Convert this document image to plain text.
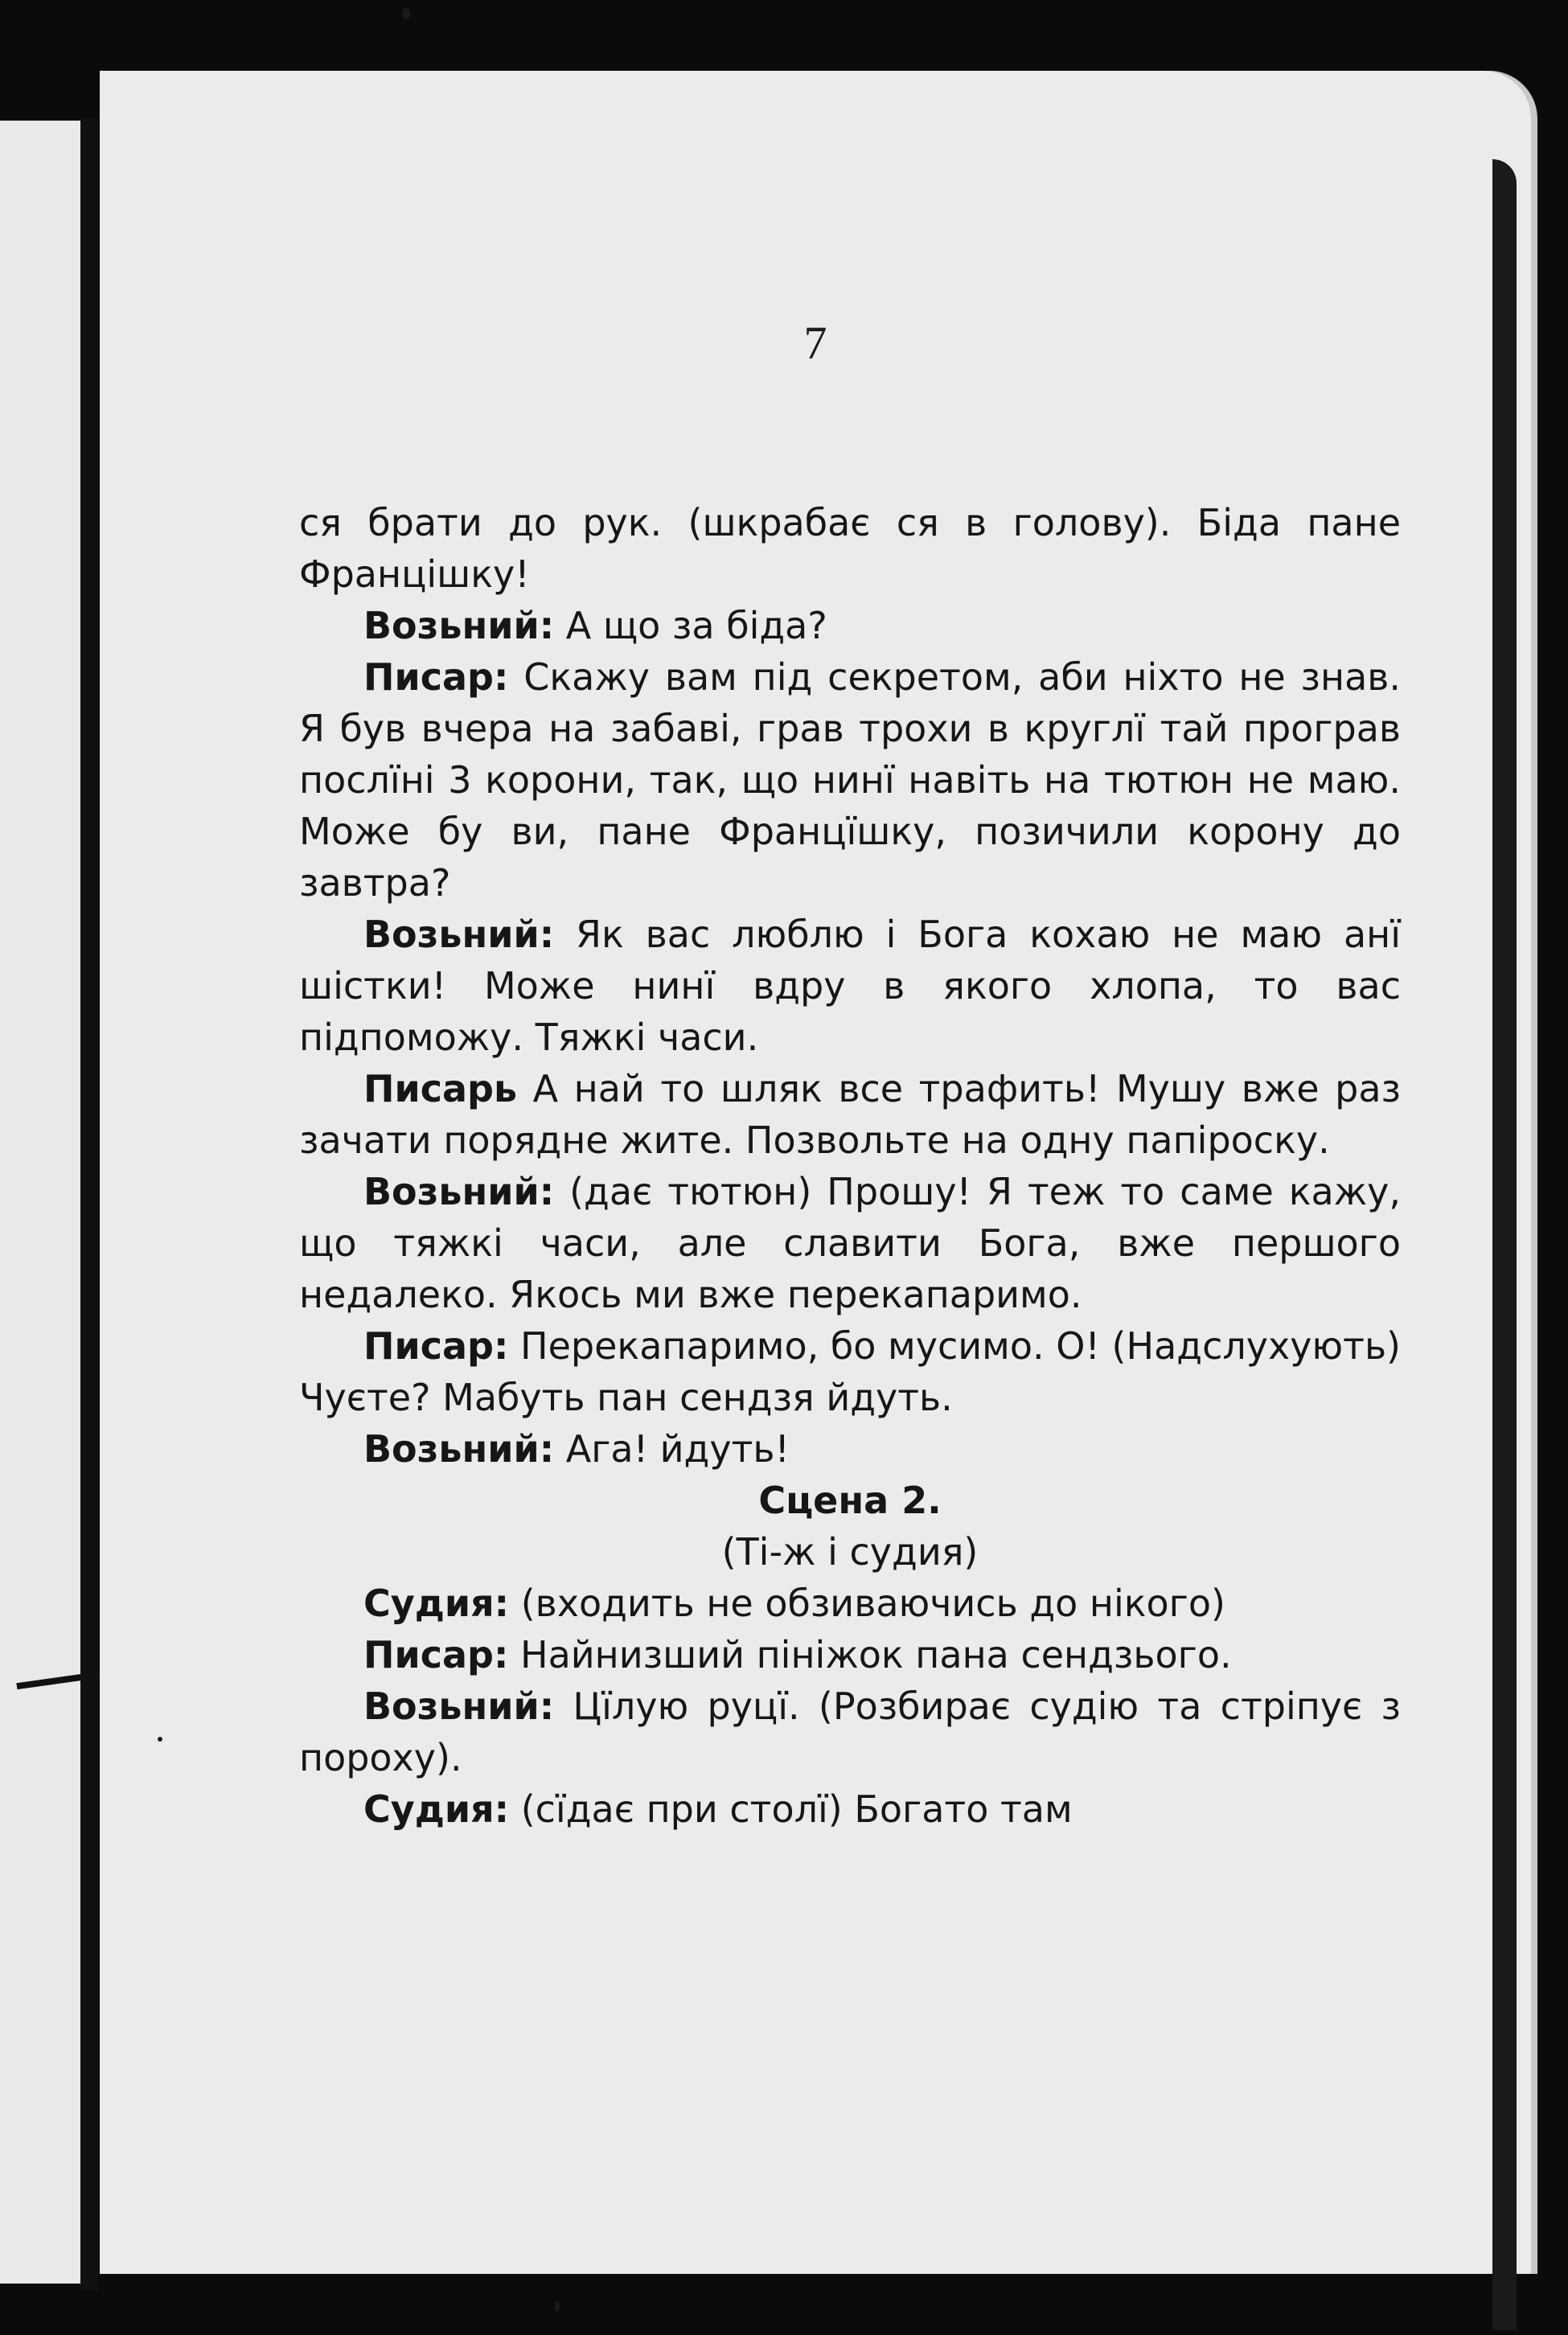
7

ся брати до рук. (шкрабає ся в голову). Біда пане Францішку!

Возьний: А що за біда?

Писар: Скажу вам під секретом, аби ніхто не знав. Я був вчера на забаві, грав трохи в круглї тай програв послїні 3 корони, так, що нинї навіть на тютюн не маю. Може бу ви, пане Францїшку, позичили корону до завтра?

Возьний: Як вас люблю і Бога кохаю не маю анї шістки! Може нинї вдру в якого хлопа, то вас підпоможу. Тяжкі часи.

Писарь А най то шляк все трафить! Мушу вже раз зачати порядне жите. Позвольте на одну папіроску.

Возьний: (дає тютюн) Прошу! Я теж то саме кажу, що тяжкі часи, але славити Бога, вже першого недалеко. Якось ми вже перекапаримо.

Писар: Перекапаримо, бо мусимо. О! (Надслухують) Чуєте? Мабуть пан сендзя йдуть.

Возьний: Ага! йдуть!

Сцена 2.

(Ті-ж і судия)

Судия: (входить не обзиваючись до нікого)

Писар: Найнизший пініжок пана сендзього.

Возьний: Цїлую руцї. (Розбирає судію та стріпує з пороху).

Судия: (сїдає при столї) Богато там
